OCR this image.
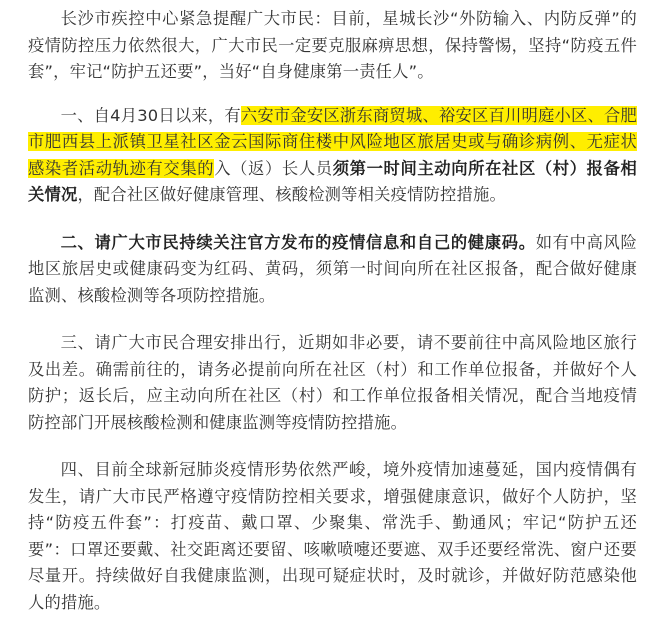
长沙市疾控中心紧急提醒广大市民：目前，星城长沙“外防输入、内防反弹”的疫情防控压力依然很大，广大市民一定要克服麻痹思想，保持警惕，坚持“防疫五件套”，牢记“防护五还要”，当好“自身健康第一责任人”。

一、自4月30日以来，有六安市金安区浙东商贸城、裕安区百川明庭小区、合肥市肥西县上派镇卫星社区金云国际商住楼中风险地区旅居史或与确诊病例、无症状感染者活动轨迹有交集的入（返）长人员须第一时间主动向所在社区（村）报备相关情况，配合社区做好健康管理、核酸检测等相关疫情防控措施。

二、请广大市民持续关注官方发布的疫情信息和自己的健康码。如有中高风险地区旅居史或健康码变为红码、黄码，须第一时间向所在社区报备，配合做好健康监测、核酸检测等各项防控措施。

三、请广大市民合理安排出行，近期如非必要，请不要前往中高风险地区旅行及出差。确需前往的，请务必提前向所在社区（村）和工作单位报备，并做好个人防护；返长后，应主动向所在社区（村）和工作单位报备相关情况，配合当地疫情防控部门开展核酸检测和健康监测等疫情防控措施。

四、目前全球新冠肺炎疫情形势依然严峻，境外疫情加速蔓延，国内疫情偶有发生，请广大市民严格遵守疫情防控相关要求，增强健康意识，做好个人防护，坚持“防疫五件套”：打疫苗、戴口罩、少聚集、常洗手、勤通风；牢记“防护五还要”：口罩还要戴、社交距离还要留、咳嗽喷嚏还要遮、双手还要经常洗、窗户还要尽量开。持续做好自我健康监测，出现可疑症状时，及时就诊，并做好防范感染他人的措施。
